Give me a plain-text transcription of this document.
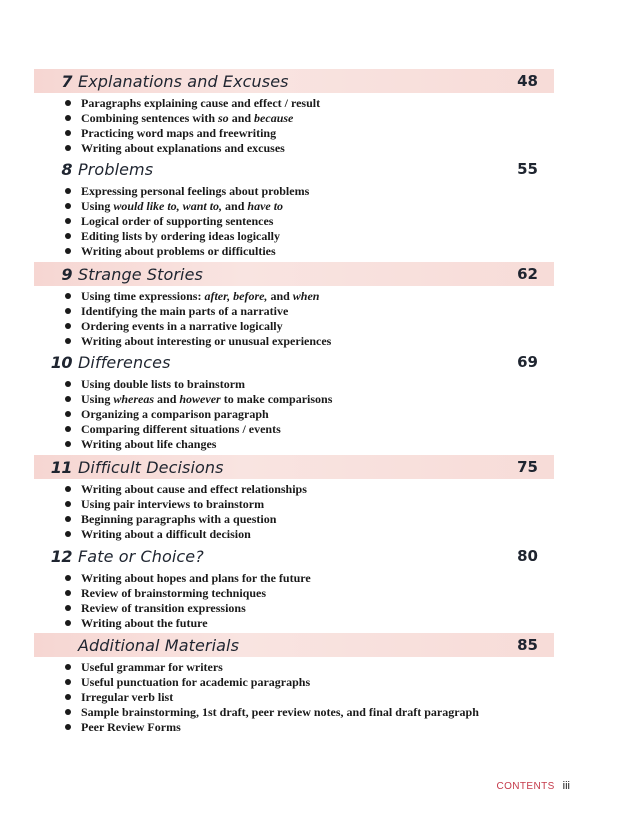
7 Explanations and Excuses	48
Paragraphs explaining cause and effect / result
Combining sentences with so and because
Practicing word maps and freewriting
Writing about explanations and excuses
8 Problems	55
Expressing personal feelings about problems
Using would like to, want to, and have to
Logical order of supporting sentences
Editing lists by ordering ideas logically
Writing about problems or difficulties
9 Strange Stories	62
Using time expressions: after, before, and when
Identifying the main parts of a narrative
Ordering events in a narrative logically
Writing about interesting or unusual experiences
10 Differences	69
Using double lists to brainstorm
Using whereas and however to make comparisons
Organizing a comparison paragraph
Comparing different situations / events
Writing about life changes
11 Difficult Decisions	75
Writing about cause and effect relationships
Using pair interviews to brainstorm
Beginning paragraphs with a question
Writing about a difficult decision
12 Fate or Choice?	80
Writing about hopes and plans for the future
Review of brainstorming techniques
Review of transition expressions
Writing about the future
Additional Materials	85
Useful grammar for writers
Useful punctuation for academic paragraphs
Irregular verb list
Sample brainstorming, 1st draft, peer review notes, and final draft paragraph
Peer Review Forms
CONTENTS iii
